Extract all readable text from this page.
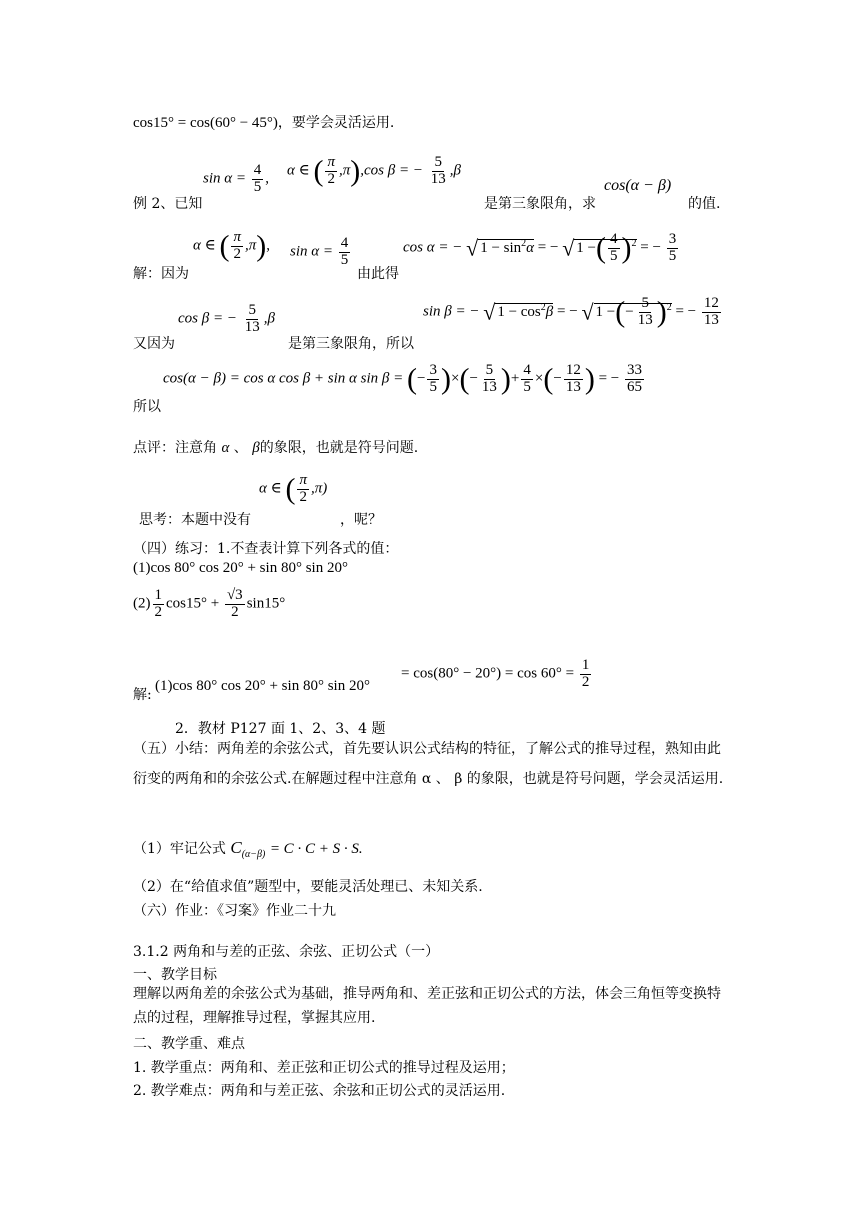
cos15° = cos(60° − 45°)，要学会灵活运用.
例 2、已知
$\sin \alpha = \frac{4}{5}$ , α ∈ ( $\frac{\pi}{2} ,\pi),\cos$ β = − $\frac{5}{13} ,\beta$
是第三象限角，求
cos(α − β)
的值.
解：因为
α ∈ ( $\frac{\pi}{2} ,\pi$), $\sin \alpha = \frac{4}{5}$
由此得
cos α = − √ $1 - \sin^2\alpha$ = − √ 1 −( $\frac{4}{5} )^2$ = − $\frac{3}{5}$
又因为
cos β = − $\frac{5}{13} ,\beta$
是第三象限角，所以
sin β = − √ $1 - \cos^2\beta$ = − √ 1 −(− $\frac{5}{13} )^2$ = − $\frac{12}{13}$
所以
cos(α − β) = cos α cos β + sin α sin β = (− $\frac{3}{5}$ )×(− $\frac{5}{13}$ )+ $\frac{4}{5}$ ×(− $\frac{12}{13}$ ) = − $\frac{33}{65}$
点评：注意角 α 、 β的象限，也就是符号问题.
思考：本题中没有
α ∈ ( $\frac{\pi}{2} ,\pi$)
，呢？
（四）练习：1.不查表计算下列各式的值：
(1)cos 80° cos 20° + sin 80° sin 20°
$(2) \frac{1}{2} \cos 15^\circ + \frac{√3}{2} \sin 15^\circ$
解:
(1)cos 80° cos 20° + sin 80° sin 20°
= $\cos(80^\circ - 20^\circ) = \cos 60^\circ = \frac{1}{2}$
2．教材 P127 面 1、2、3、4 题
（五）小结：两角差的余弦公式，首先要认识公式结构的特征，了解公式的推导过程，熟知由此衍变的两角和的余弦公式.在解题过程中注意角 α 、 β 的象限，也就是符号问题，学会灵活运用.
（1）牢记公式 $C_{(\alpha-\beta)} = C \cdot C + S \cdot S$.
（2）在“给值求值”题型中，要能灵活处理已、未知关系.
（六）作业：《习案》作业二十九
3.1.2 两角和与差的正弦、余弦、正切公式（一）
一、教学目标
理解以两角差的余弦公式为基础，推导两角和、差正弦和正切公式的方法，体会三角恒等变换特点的过程，理解推导过程，掌握其应用.
二、教学重、难点
1. 教学重点：两角和、差正弦和正切公式的推导过程及运用；
2. 教学难点：两角和与差正弦、余弦和正切公式的灵活运用.
